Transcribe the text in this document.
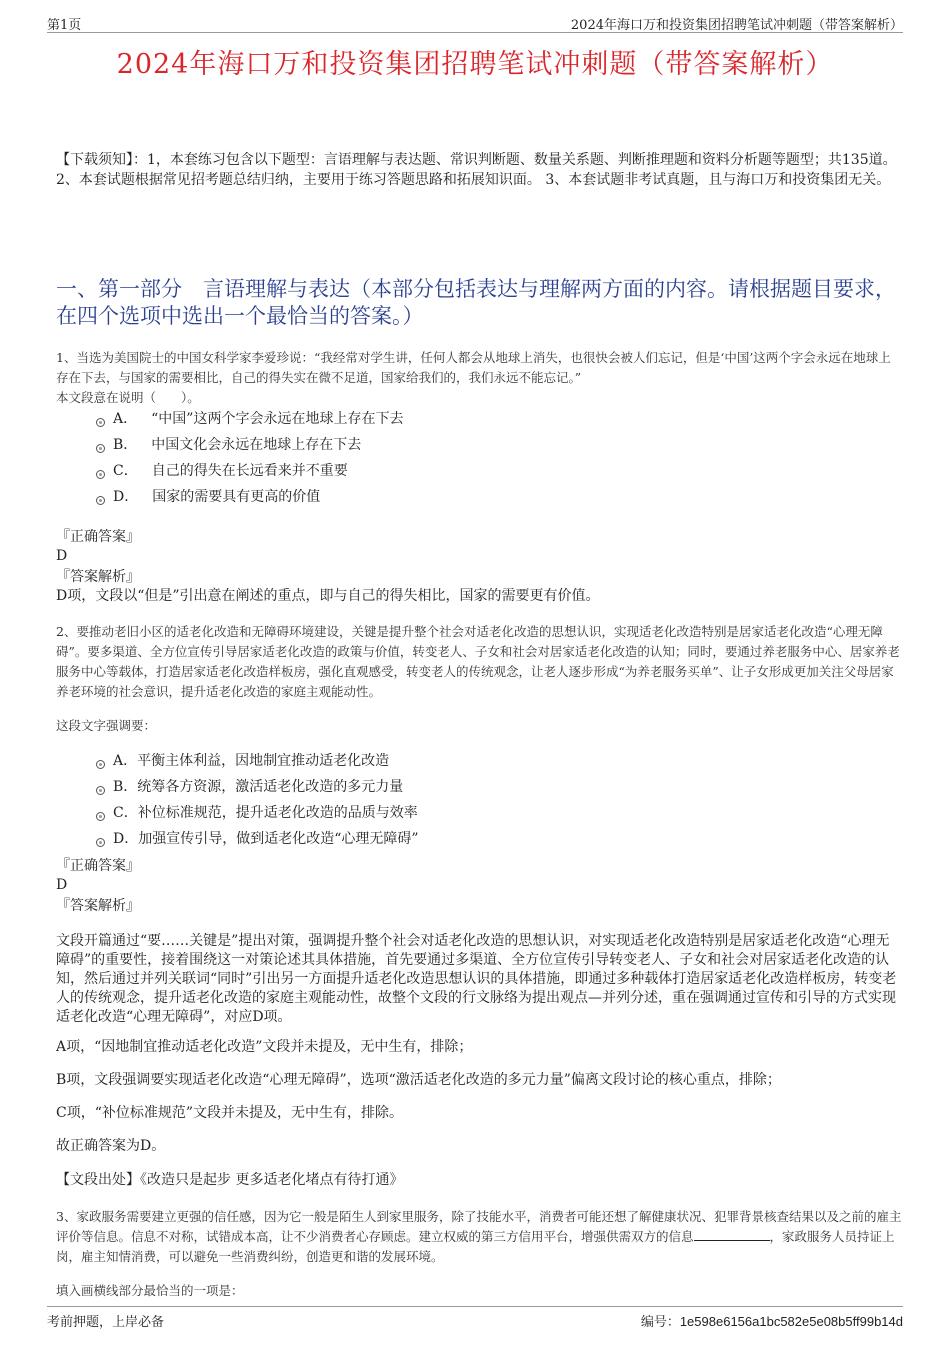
第1页	2024年海口万和投资集团招聘笔试冲刺题（带答案解析）
2024年海口万和投资集团招聘笔试冲刺题（带答案解析）
【下载须知】：1，本套练习包含以下题型：言语理解与表达题、常识判断题、数量关系题、判断推理题和资料分析题等题型；共135道。 2、本套试题根据常见招考题总结归纳，主要用于练习答题思路和拓展知识面。 3、本套试题非考试真题，且与海口万和投资集团无关。
一、第一部分　言语理解与表达（本部分包括表达与理解两方面的内容。请根据题目要求，在四个选项中选出一个最恰当的答案。）
1、当选为美国院士的中国女科学家李爱珍说：“我经常对学生讲，任何人都会从地球上消失，也很快会被人们忘记，但是‘中国’这两个字会永远在地球上存在下去，与国家的需要相比，自己的得失实在微不足道，国家给我们的，我们永远不能忘记。”
本文段意在说明（　　）。
A． “中国”这两个字会永远在地球上存在下去
B． 中国文化会永远在地球上存在下去
C． 自己的得失在长远看来并不重要
D． 国家的需要具有更高的价值
『正确答案』
D
『答案解析』
D项，文段以“但是”引出意在阐述的重点，即与自己的得失相比，国家的需要更有价值。
2、要推动老旧小区的适老化改造和无障碍环境建设，关键是提升整个社会对适老化改造的思想认识，实现适老化改造特别是居家适老化改造“心理无障碍”。要多渠道、全方位宣传引导居家适老化改造的政策与价值，转变老人、子女和社会对居家适老化改造的认知；同时，要通过养老服务中心、居家养老服务中心等载体，打造居家适老化改造样板房，强化直观感受，转变老人的传统观念，让老人逐步形成“为养老服务买单”、让子女形成更加关注父母居家养老环境的社会意识，提升适老化改造的家庭主观能动性。
这段文字强调要：
A． 平衡主体利益，因地制宜推动适老化改造
B． 统筹各方资源，激活适老化改造的多元力量
C． 补位标准规范，提升适老化改造的品质与效率
D． 加强宣传引导，做到适老化改造“心理无障碍”
『正确答案』
D
『答案解析』
文段开篇通过“要……关键是”提出对策，强调提升整个社会对适老化改造的思想认识，对实现适老化改造特别是居家适老化改造“心理无障碍”的重要性，接着围绕这一对策论述其具体措施，首先要通过多渠道、全方位宣传引导转变老人、子女和社会对居家适老化改造的认知，然后通过并列关联词“同时”引出另一方面提升适老化改造思想认识的具体措施，即通过多种载体打造居家适老化改造样板房，转变老人的传统观念，提升适老化改造的家庭主观能动性，故整个文段的行文脉络为提出观点—并列分述，重在强调通过宣传和引导的方式实现适老化改造“心理无障碍”，对应D项。
A项，“因地制宜推动适老化改造”文段并未提及，无中生有，排除；
B项，文段强调要实现适老化改造“心理无障碍”，选项“激活适老化改造的多元力量”偏离文段讨论的核心重点，排除；
C项，“补位标准规范”文段并未提及，无中生有，排除。
故正确答案为D。
【文段出处】《改造只是起步 更多适老化堵点有待打通》
3、家政服务需要建立更强的信任感，因为它一般是陌生人到家里服务，除了技能水平，消费者可能还想了解健康状况、犯罪背景核查结果以及之前的雇主评价等信息。信息不对称，试错成本高，让不少消费者心存顾虑。建立权威的第三方信用平台，增强供需双方的信息	，家政服务人员持证上岗，雇主知情消费，可以避免一些消费纠纷，创造更和谐的发展环境。
填入画横线部分最恰当的一项是：
考前押题，上岸必备	编号：1e598e6156a1bc582e5e08b5ff99b14d
